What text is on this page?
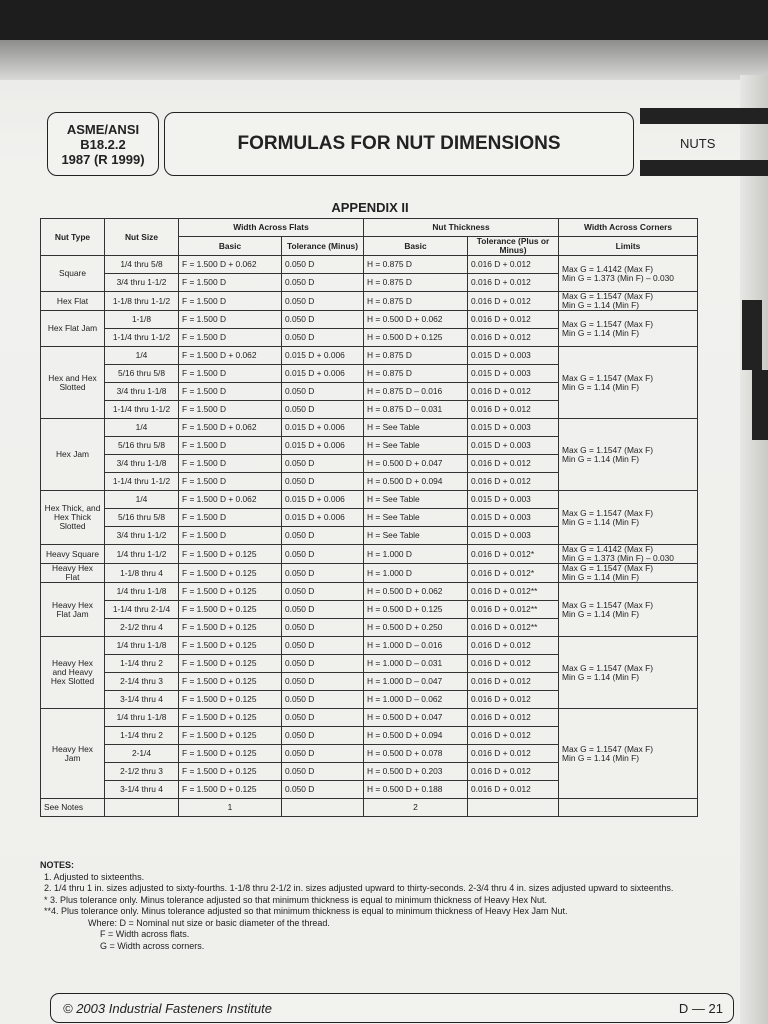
ASME/ANSI
B18.2.2
1987 (R 1999)
FORMULAS FOR NUT DIMENSIONS	NUTS
APPENDIX II
Nut Type	Nut Size	Width Across Flats		Nut Thickness		Width Across Corners
		Basic	Tolerance (Minus)	Basic	Tolerance (Plus or Minus)	Limits
Square	1/4 thru 5/8	F = 1.500 D + 0.062	0.050 D	H = 0.875 D	0.016 D + 0.012	Max G = 1.4142 (Max F)
Min G = 1.373 (Min F) – 0.030

	3/4 thru 1-1/2	F = 1.500 D	0.050 D	H = 0.875 D	0.016 D + 0.012	
Hex Flat	1-1/8 thru 1-1/2	F = 1.500 D	0.050 D	H = 0.875 D	0.016 D + 0.012	Max G = 1.1547 (Max F)
Min G = 1.14 (Min F)

Hex Flat Jam	1-1/8	F = 1.500 D	0.050 D	H = 0.500 D + 0.062	0.016 D + 0.012	Max G = 1.1547 (Max F)
Min G = 1.14 (Min F)

	1-1/4 thru 1-1/2	F = 1.500 D	0.050 D	H = 0.500 D + 0.125	0.016 D + 0.012	
Hex and Hex Slotted	1/4	F = 1.500 D + 0.062	0.015 D + 0.006	H = 0.875 D	0.015 D + 0.003	Max G = 1.1547 (Max F)
Min G = 1.14 (Min F)

	5/16 thru 5/8	F = 1.500 D	0.015 D + 0.006	H = 0.875 D	0.015 D + 0.003	
	3/4 thru 1-1/8	F = 1.500 D	0.050 D	H = 0.875 D – 0.016	0.016 D + 0.012	
	1-1/4 thru 1-1/2	F = 1.500 D	0.050 D	H = 0.875 D – 0.031	0.016 D + 0.012	
Hex Jam	1/4	F = 1.500 D + 0.062	0.015 D + 0.006	H = See Table	0.015 D + 0.003	Max G = 1.1547 (Max F)
Min G = 1.14 (Min F)

	5/16 thru 5/8	F = 1.500 D	0.015 D + 0.006	H = See Table	0.015 D + 0.003	
	3/4 thru 1-1/8	F = 1.500 D	0.050 D	H = 0.500 D + 0.047	0.016 D + 0.012	
	1-1/4 thru 1-1/2	F = 1.500 D	0.050 D	H = 0.500 D + 0.094	0.016 D + 0.012	
Hex Thick, and Hex Thick Slotted	1/4	F = 1.500 D + 0.062	0.015 D + 0.006	H = See Table	0.015 D + 0.003	Max G = 1.1547 (Max F)
Min G = 1.14 (Min F)

	5/16 thru 5/8	F = 1.500 D	0.015 D + 0.006	H = See Table	0.015 D + 0.003	
	3/4 thru 1-1/2	F = 1.500 D	0.050 D	H = See Table	0.015 D + 0.003	
Heavy Square	1/4 thru 1-1/2	F = 1.500 D + 0.125	0.050 D	H = 1.000 D	0.016 D + 0.012*	Max G = 1.4142 (Max F)
Min G = 1.373 (Min F) – 0.030

Heavy Hex Flat	1-1/8 thru 4	F = 1.500 D + 0.125	0.050 D	H = 1.000 D	0.016 D + 0.012*	Max G = 1.1547 (Max F)
Min G = 1.14 (Min F)

Heavy Hex Flat Jam	1/4 thru 1-1/8	F = 1.500 D + 0.125	0.050 D	H = 0.500 D + 0.062	0.016 D + 0.012**	Max G = 1.1547 (Max F)
Min G = 1.14 (Min F)

	1-1/4 thru 2-1/4	F = 1.500 D + 0.125	0.050 D	H = 0.500 D + 0.125	0.016 D + 0.012**	
	2-1/2 thru 4	F = 1.500 D + 0.125	0.050 D	H = 0.500 D + 0.250	0.016 D + 0.012**	
Heavy Hex and Heavy Hex Slotted	1/4 thru 1-1/8	F = 1.500 D + 0.125	0.050 D	H = 1.000 D – 0.016	0.016 D + 0.012	Max G = 1.1547 (Max F)
Min G = 1.14 (Min F)

	1-1/4 thru 2	F = 1.500 D + 0.125	0.050 D	H = 1.000 D – 0.031	0.016 D + 0.012	
	2-1/4 thru 3	F = 1.500 D + 0.125	0.050 D	H = 1.000 D – 0.047	0.016 D + 0.012	
	3-1/4 thru 4	F = 1.500 D + 0.125	0.050 D	H = 1.000 D – 0.062	0.016 D + 0.012	
Heavy Hex Jam	1/4 thru 1-1/8	F = 1.500 D + 0.125	0.050 D	H = 0.500 D + 0.047	0.016 D + 0.012	Max G = 1.1547 (Max F)
Min G = 1.14 (Min F)

	1-1/4 thru 2	F = 1.500 D + 0.125	0.050 D	H = 0.500 D + 0.094	0.016 D + 0.012	
	2-1/4	F = 1.500 D + 0.125	0.050 D	H = 0.500 D + 0.078	0.016 D + 0.012	
	2-1/2 thru 3	F = 1.500 D + 0.125	0.050 D	H = 0.500 D + 0.203	0.016 D + 0.012	
	3-1/4 thru 4	F = 1.500 D + 0.125	0.050 D	H = 0.500 D + 0.188	0.016 D + 0.012	
See Notes		1		2		
NOTES:
1. Adjusted to sixteenths.
2. 1/4 thru 1 in. sizes adjusted to sixty-fourths. 1-1/8 thru 2-1/2 in. sizes adjusted upward to thirty-seconds. 2-3/4 thru 4 in. sizes adjusted upward to sixteenths.
* 3. Plus tolerance only. Minus tolerance adjusted so that minimum thickness is equal to minimum thickness of Heavy Hex Nut.
**4. Plus tolerance only. Minus tolerance adjusted so that minimum thickness is equal to minimum thickness of Heavy Hex Jam Nut.
Where: D = Nominal nut size or basic diameter of the thread.
F = Width across flats.
G = Width across corners.
© 2003 Industrial Fasteners Institute	D — 21
